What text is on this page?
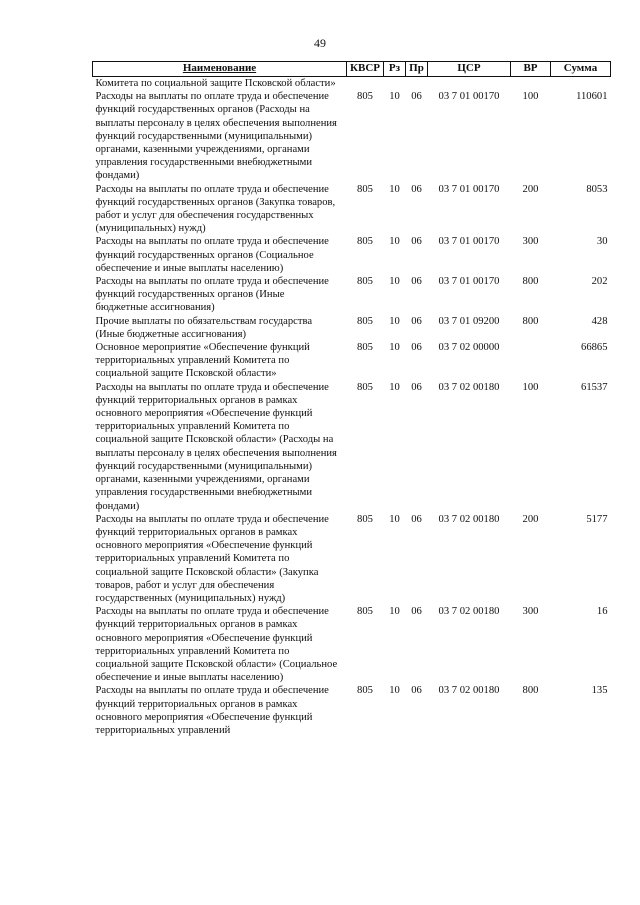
49
Наименование	КВСР	Рз	Пр	ЦСР	ВР	Сумма
Комитета по социальной защите Псковской области»						
Расходы на выплаты по оплате труда и обеспечение функций государственных органов (Расходы на выплаты персоналу в целях обеспечения выполнения функций государственными (муниципальными) органами, казенными учреждениями, органами управления государственными внебюджетными фондами)	805	10	06	03 7 01 00170	100	110601
Расходы на выплаты по оплате труда и обеспечение функций государственных органов (Закупка товаров, работ и услуг для обеспечения государственных (муниципальных) нужд)	805	10	06	03 7 01 00170	200	8053
Расходы на выплаты по оплате труда и обеспечение функций государственных органов (Социальное обеспечение и иные выплаты населению)	805	10	06	03 7 01 00170	300	30
Расходы на выплаты по оплате труда и обеспечение функций государственных органов (Иные бюджетные ассигнования)	805	10	06	03 7 01 00170	800	202
Прочие выплаты по обязательствам государства (Иные бюджетные ассигнования)	805	10	06	03 7 01 09200	800	428
Основное мероприятие «Обеспечение функций территориальных управлений Комитета по социальной защите Псковской области»	805	10	06	03 7 02 00000		66865
Расходы на выплаты по оплате труда и обеспечение функций территориальных органов в рамках основного мероприятия «Обеспечение функций территориальных управлений Комитета по социальной защите Псковской области» (Расходы на выплаты персоналу в целях обеспечения выполнения функций государственными (муниципальными) органами, казенными учреждениями, органами управления государственными внебюджетными фондами)	805	10	06	03 7 02 00180	100	61537
Расходы на выплаты по оплате труда и обеспечение функций территориальных органов в рамках основного мероприятия «Обеспечение функций территориальных управлений Комитета по социальной защите Псковской области» (Закупка товаров, работ и услуг для обеспечения государственных (муниципальных) нужд)	805	10	06	03 7 02 00180	200	5177
Расходы на выплаты по оплате труда и обеспечение функций территориальных органов в рамках основного мероприятия «Обеспечение функций территориальных управлений Комитета по социальной защите Псковской области» (Социальное обеспечение и иные выплаты населению)	805	10	06	03 7 02 00180	300	16
Расходы на выплаты по оплате труда и обеспечение функций территориальных органов в рамках основного мероприятия «Обеспечение функций территориальных управлений	805	10	06	03 7 02 00180	800	135
